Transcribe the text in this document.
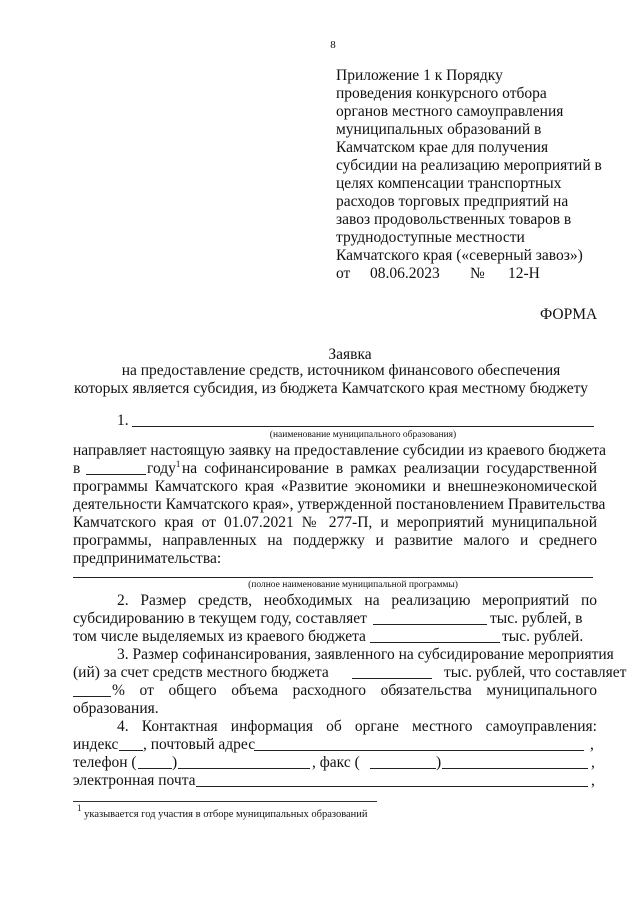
8
Приложение 1 к Порядку
проведения конкурсного отбора
органов местного самоуправления
муниципальных образований в
Камчатском крае для получения
субсидии на реализацию мероприятий в
целях компенсации транспортных
расходов торговых предприятий на
завоз продовольственных товаров в
труднодоступные местности
Камчатского края («северный завоз»)
от 08.06.2023 № 12-Н
ФОРМА
Заявка
на предоставление средств, источником финансового обеспечения
которых является субсидия, из бюджета Камчатского края местному бюджету
1.
(наименование муниципального образования)
направляет настоящую заявку на предоставление субсидии из краевого бюджета
в	году$^1$ на софинансирование в рамках реализации государственной
программы Камчатского края «Развитие экономики и внешнеэкономической
деятельности Камчатского края», утвержденной постановлением Правительства
Камчатского края от 01.07.2021 № 277-П, и мероприятий муниципальной
программы, направленных на поддержку и развитие малого и среднего
предпринимательства:
(полное наименование муниципальной программы)
2. Размер средств, необходимых на реализацию мероприятий по
субсидированию в текущем году, составляет	тыс. рублей, в
том числе выделяемых из краевого бюджета	тыс. рублей.
3. Размер софинансирования, заявленного на субсидирование мероприятия
(ий) за счет средств местного бюджета	тыс. рублей, что составляет
% от общего объема расходного обязательства муниципального
образования.
4. Контактная информация об органе местного самоуправления:
индекс , почтовый адрес	,
телефон ( )	, факс (	)	,
электронная почта	,
$^1$ указывается год участия в отборе муниципальных образований
